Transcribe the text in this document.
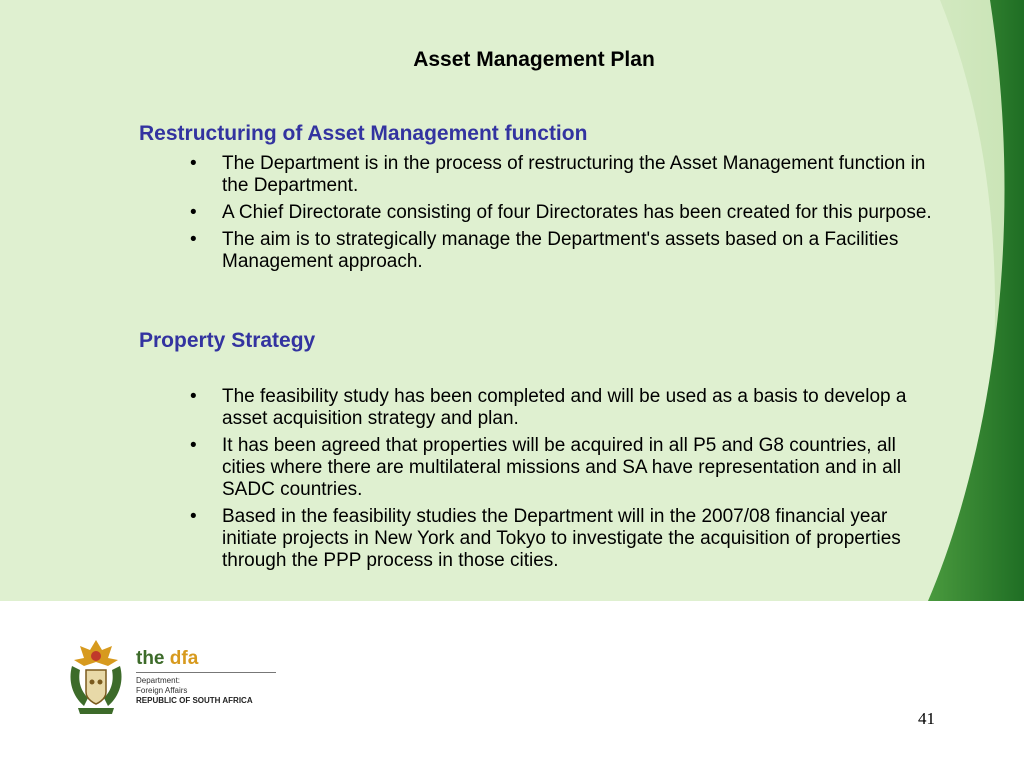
Asset Management Plan
Restructuring of Asset Management function
• The Department is in the process of restructuring the Asset Management function in the Department.
• A Chief Directorate consisting of four Directorates has been created for this purpose.
• The aim is to strategically manage the Department's assets based on a Facilities Management approach.
Property Strategy
• The feasibility study has been completed and will be used as a basis to develop a asset acquisition strategy and plan.
• It has been agreed that properties will be acquired in all P5 and G8 countries, all cities where there are multilateral missions and SA have representation and in all SADC countries.
• Based in the feasibility studies the Department will in the 2007/08 financial year initiate projects in New York and Tokyo to investigate the acquisition of properties through the PPP process in those cities.
the dfa
Department:
Foreign Affairs
REPUBLIC OF SOUTH AFRICA
41
